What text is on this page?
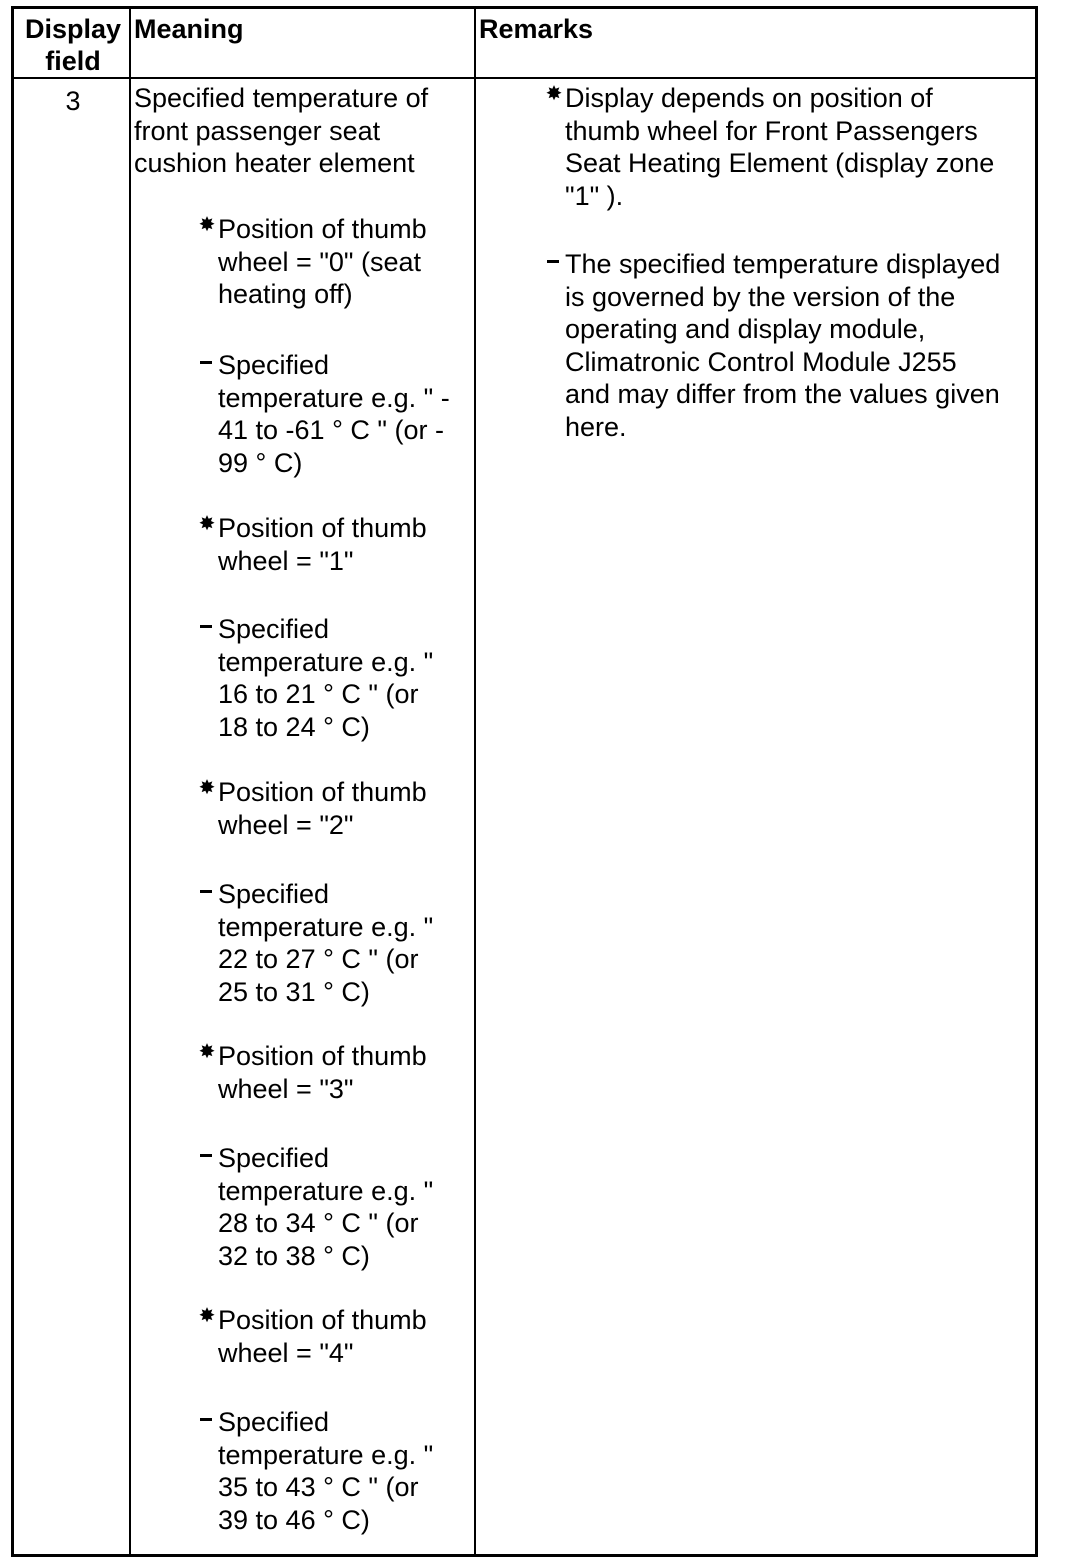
Display
field
Meaning	Remarks
3	Specified temperature of
front passenger seat
cushion heater element
✸ Position of thumb
wheel = "0" (seat
heating off)
Specified
temperature e.g. " -
41 to -61 ° C " (or -
99 ° C)
✸ Position of thumb
wheel = "1"
Specified
temperature e.g. "
16 to 21 ° C " (or
18 to 24 ° C)
✸ Position of thumb
wheel = "2"
Specified
temperature e.g. "
22 to 27 ° C " (or
25 to 31 ° C)
✸ Position of thumb
wheel = "3"
Specified
temperature e.g. "
28 to 34 ° C " (or
32 to 38 ° C)
✸ Position of thumb
wheel = "4"
Specified
temperature e.g. "
35 to 43 ° C " (or
39 to 46 ° C)
✸ Display depends on position of
thumb wheel for Front Passengers
Seat Heating Element (display zone
"1" ).
The specified temperature displayed
is governed by the version of the
operating and display module,
Climatronic Control Module J255
and may differ from the values given
here.
